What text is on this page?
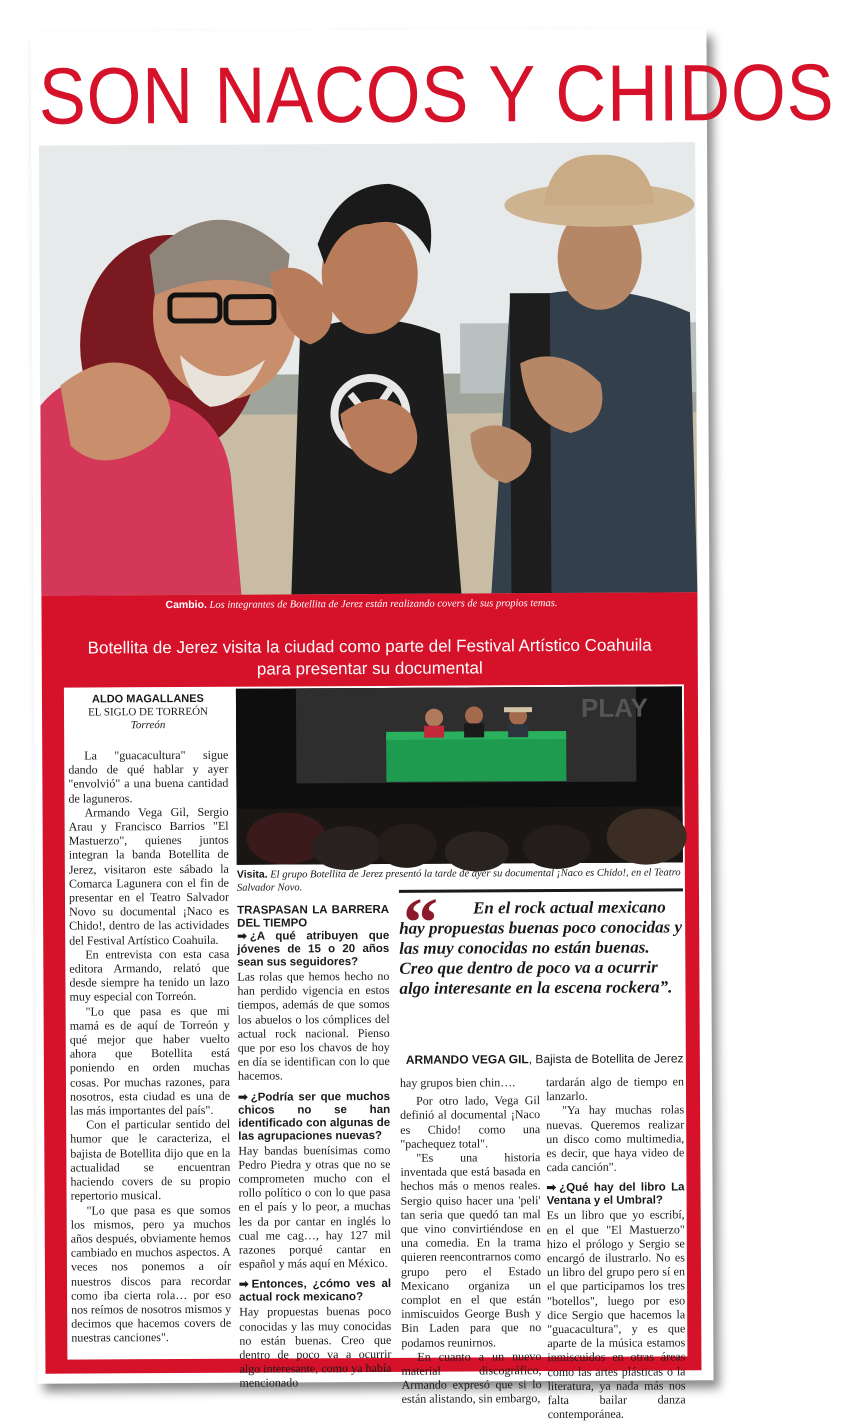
SON NACOS Y CHIDOS
Cambio. Los integrantes de Botellita de Jerez están realizando covers de sus propios temas.
Botellita de Jerez visita la ciudad como parte del Festival Artístico Coahuila
para presentar su documental
ALDO MAGALLANES
EL SIGLO DE TORREÓN
Torreón

La "guacacultura" sigue dando de qué hablar y ayer "envolvió" a una buena cantidad de laguneros.

Armando Vega Gil, Sergio Arau y Francisco Barrios "El Mastuerzo", quienes juntos integran la banda Botellita de Jerez, visitaron este sábado la Comarca Lagunera con el fin de presentar en el Teatro Salvador Novo su documental ¡Naco es Chido!, dentro de las actividades del Festival Artístico Coahuila.

En entrevista con esta casa editora Armando, relató que desde siempre ha tenido un lazo muy especial con Torreón.

"Lo que pasa es que mi mamá es de aquí de Torreón y qué mejor que haber vuelto ahora que Botellita está poniendo en orden muchas cosas. Por muchas razones, para nosotros, esta ciudad es una de las más importantes del país".

Con el particular sentido del humor que le caracteriza, el bajista de Botellita dijo que en la actualidad se encuentran haciendo covers de su propio repertorio musical.

"Lo que pasa es que somos los mismos, pero ya muchos años después, obviamente hemos cambiado en muchos aspectos. A veces nos ponemos a oír nuestros discos para recordar como iba cierta rola… por eso nos reímos de nosotros mismos y decimos que hacemos covers de nuestras canciones".

PLAY
Visita. El grupo Botellita de Jerez presentó la tarde de ayer su documental ¡Naco es Chido!, en el Teatro Salvador Novo.
TRASPASAN LA BARRERA DEL TIEMPO
➡ ¿A qué atribuyen que jóvenes de 15 o 20 años sean sus seguidores?
Las rolas que hemos hecho no han perdido vigencia en estos tiempos, además de que somos los abuelos o los cómplices del actual rock nacional. Pienso que por eso los chavos de hoy en día se identifican con lo que hacemos.
➡ ¿Podría ser que muchos chicos no se han identificado con algunas de las agrupaciones nuevas?
Hay bandas buenísimas como Pedro Piedra y otras que no se comprometen mucho con el rollo político o con lo que pasa en el país y lo peor, a muchas les da por cantar en inglés lo cual me cag…, hay 127 mil razones porqué cantar en español y más aquí en México.
➡ Entonces, ¿cómo ves al actual rock mexicano?
Hay propuestas buenas poco conocidas y las muy conocidas no están buenas. Creo que dentro de poco va a ocurrir algo interesante, como ya había mencionado
“	En el rock actual mexicano hay propuestas buenas poco conocidas y las muy conocidas no están buenas. Creo que dentro de poco va a ocurrir algo interesante en la escena rockera”.
ARMANDO VEGA GIL, Bajista de Botellita de Jerez
hay grupos bien chin….

Por otro lado, Vega Gil definió al documental ¡Naco es Chido! como una "pachequez total".

"Es una historia inventada que está basada en hechos más o menos reales. Sergio quiso hacer una 'peli' tan seria que quedó tan mal que vino convirtiéndose en una comedia. En la trama quieren reencontrarnos como grupo pero el Estado Mexicano organiza un complot en el que están inmiscuidos George Bush y Bin Laden para que no podamos reunirnos.

En cuanto a un nuevo material discográfico, Armando expresó que si lo están alistando, sin embargo,

tardarán algo de tiempo en lanzarlo.

"Ya hay muchas rolas nuevas. Queremos realizar un disco como multimedia, es decir, que haya video de cada canción".

➡ ¿Qué hay del libro La Ventana y el Umbral?
Es un libro que yo escribí, en el que "El Mastuerzo" hizo el prólogo y Sergio se encargó de ilustrarlo. No es un libro del grupo pero sí en el que participamos los tres "botellos", luego por eso dice Sergio que hacemos la "guacacultura", y es que aparte de la música estamos inmiscuidos en otras áreas como las artes plásticas o la literatura, ya nada más nos falta bailar danza contemporánea.
